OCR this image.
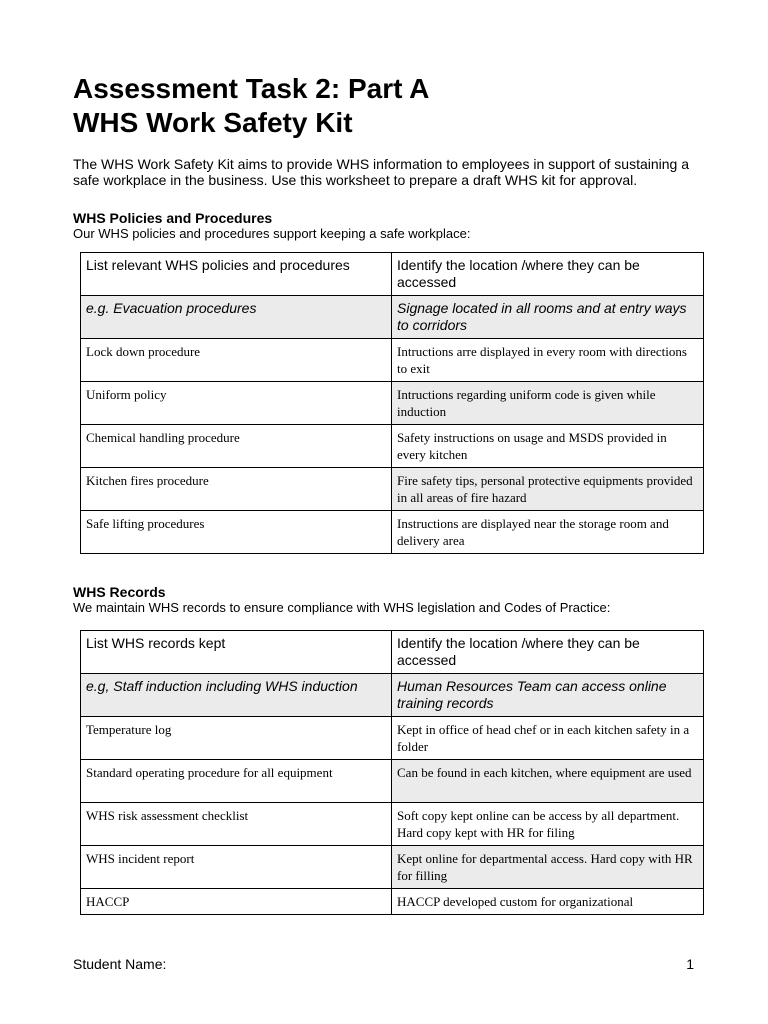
Assessment Task 2: Part A
WHS Work Safety Kit
The WHS Work Safety Kit aims to provide WHS information to employees in support of sustaining a safe workplace in the business. Use this worksheet to prepare a draft WHS kit for approval.
WHS Policies and Procedures
Our WHS policies and procedures support keeping a safe workplace:
List relevant WHS policies and procedures	Identify the location /where they can be accessed
e.g. Evacuation procedures	Signage located in all rooms and at entry ways to corridors
Lock down procedure	Intructions arre displayed in every room with directions to exit
Uniform policy	Intructions regarding uniform code is given while induction
Chemical handling procedure	Safety instructions on usage and MSDS provided in every kitchen
Kitchen fires procedure	Fire safety tips, personal protective equipments provided in all areas of fire hazard
Safe lifting procedures	Instructions are displayed near the storage room and delivery area
WHS Records
We maintain WHS records to ensure compliance with WHS legislation and Codes of Practice:
List WHS records kept	Identify the location /where they can be accessed
e.g, Staff induction including WHS induction	Human Resources Team can access online training records
Temperature log	Kept in office of head chef or in each kitchen safety in a folder
Standard operating procedure for all equipment	Can be found in each kitchen, where equipment are used
WHS risk assessment checklist	Soft copy kept online can be access by all department. Hard copy kept with HR for filing
WHS incident report	Kept online for departmental access. Hard copy with HR for filling
HACCP	HACCP developed custom for organizational
Student Name:	1
